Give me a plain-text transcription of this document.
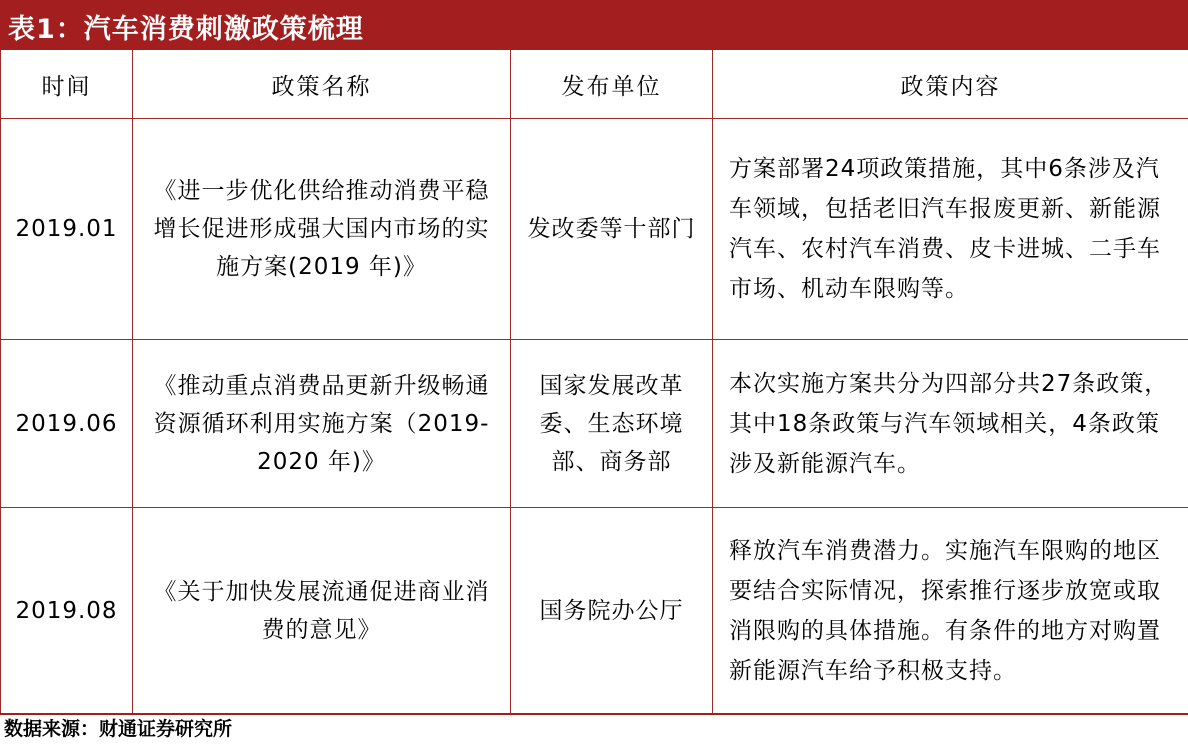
表1：汽车消费刺激政策梳理
时间	政策名称	发布单位	政策内容
2019.01	《进一步优化供给推动消费平稳增长促进形成强大国内市场的实施方案(2019 年)》	发改委等十部门	方案部署24项政策措施，其中6条涉及汽车领域，包括老旧汽车报废更新、新能源汽车、农村汽车消费、皮卡进城、二手车市场、机动车限购等。
2019.06	《推动重点消费品更新升级畅通资源循环利用实施方案（2019-2020 年)》	国家发展改革委、生态环境部、商务部	本次实施方案共分为四部分共27条政策，其中18条政策与汽车领域相关，4条政策涉及新能源汽车。
2019.08	《关于加快发展流通促进商业消费的意见》	国务院办公厅	释放汽车消费潜力。实施汽车限购的地区要结合实际情况，探索推行逐步放宽或取消限购的具体措施。有条件的地方对购置新能源汽车给予积极支持。
数据来源：财通证券研究所
